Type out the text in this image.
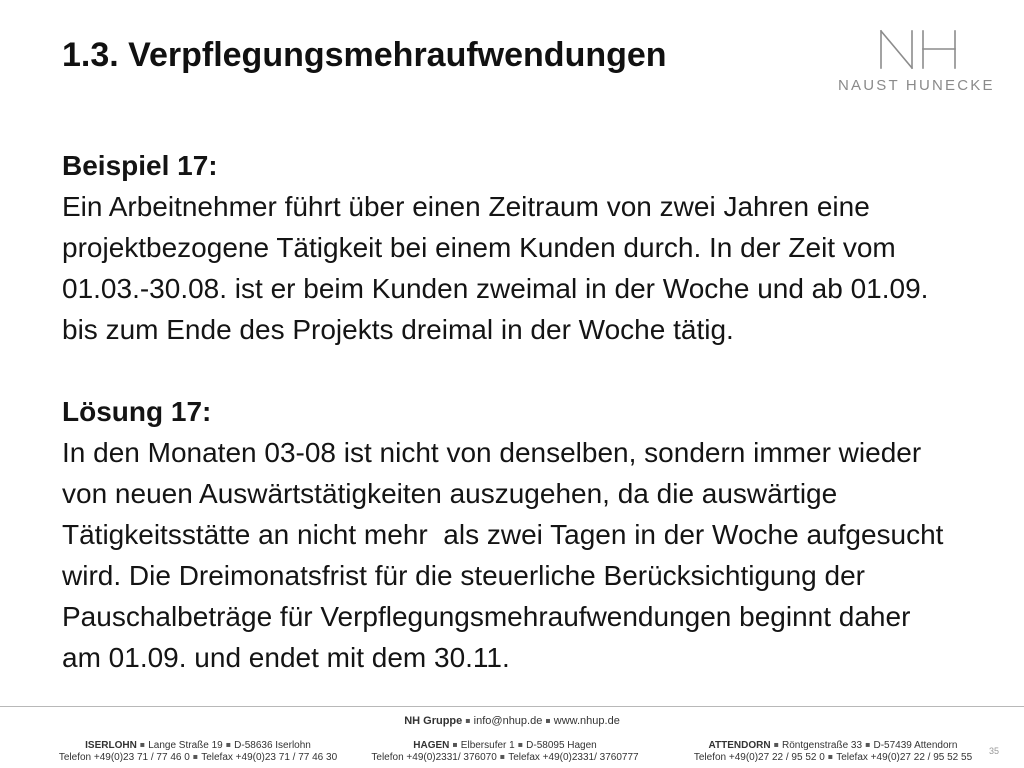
1.3. Verpflegungsmehraufwendungen
NAUST HUNECKE
Beispiel 17:
Ein Arbeitnehmer führt über einen Zeitraum von zwei Jahren eine
projektbezogene Tätigkeit bei einem Kunden durch. In der Zeit vom
01.03.-30.08. ist er beim Kunden zweimal in der Woche und ab 01.09.
bis zum Ende des Projekts dreimal in der Woche tätig.
Lösung 17:
In den Monaten 03-08 ist nicht von denselben, sondern immer wieder
von neuen Auswärtstätigkeiten auszugehen, da die auswärtige
Tätigkeitsstätte an nicht mehr  als zwei Tagen in der Woche aufgesucht
wird. Die Dreimonatsfrist für die steuerliche Berücksichtigung der
Pauschalbeträge für Verpflegungsmehraufwendungen beginnt daher
am 01.09. und endet mit dem 30.11.
NH Gruppe ▪ info@nhup.de ▪ www.nhup.de
ISERLOHN ▪ Lange Straße 19 ▪ D-58636 Iserlohn
Telefon +49(0)23 71 / 77 46 0 ▪ Telefax +49(0)23 71 / 77 46 30
HAGEN ▪ Elbersufer 1 ▪ D-58095 Hagen
Telefon +49(0)2331/ 376070 ▪ Telefax +49(0)2331/ 3760777
ATTENDORN ▪ Röntgenstraße 33 ▪ D-57439 Attendorn
Telefon +49(0)27 22 / 95 52 0 ▪ Telefax +49(0)27 22 / 95 52 55
35
